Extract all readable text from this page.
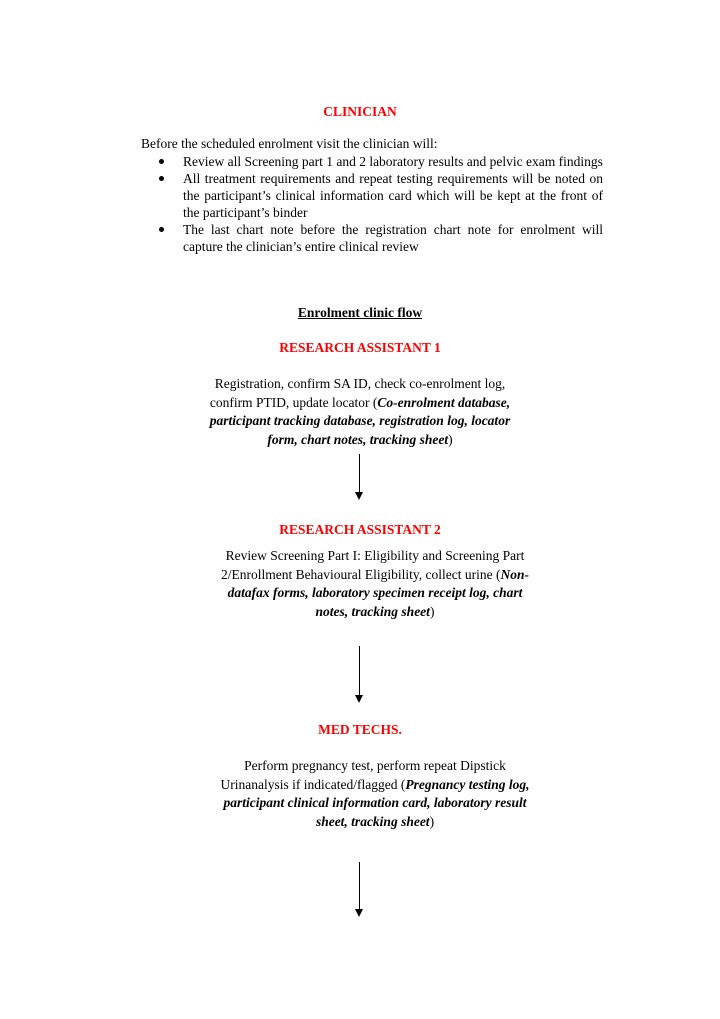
CLINICIAN
Before the scheduled enrolment visit the clinician will:
Review all Screening part 1 and 2 laboratory results and pelvic exam findings
All treatment requirements and repeat testing requirements will be noted on the participant’s clinical information card which will be kept at the front of the participant’s binder
The last chart note before the registration chart note for enrolment will capture the clinician’s entire clinical review
Enrolment clinic flow
RESEARCH ASSISTANT 1
Registration, confirm SA ID, check co-enrolment log, confirm PTID, update locator (Co-enrolment database, participant tracking database, registration log, locator form, chart notes, tracking sheet)
RESEARCH ASSISTANT 2
Review Screening Part I: Eligibility and Screening Part 2/Enrollment Behavioural Eligibility, collect urine (Non-datafax forms, laboratory specimen receipt log, chart notes, tracking sheet)
MED TECHS.
Perform pregnancy test, perform repeat Dipstick Urinanalysis if indicated/flagged (Pregnancy testing log, participant clinical information card, laboratory result sheet, tracking sheet)
